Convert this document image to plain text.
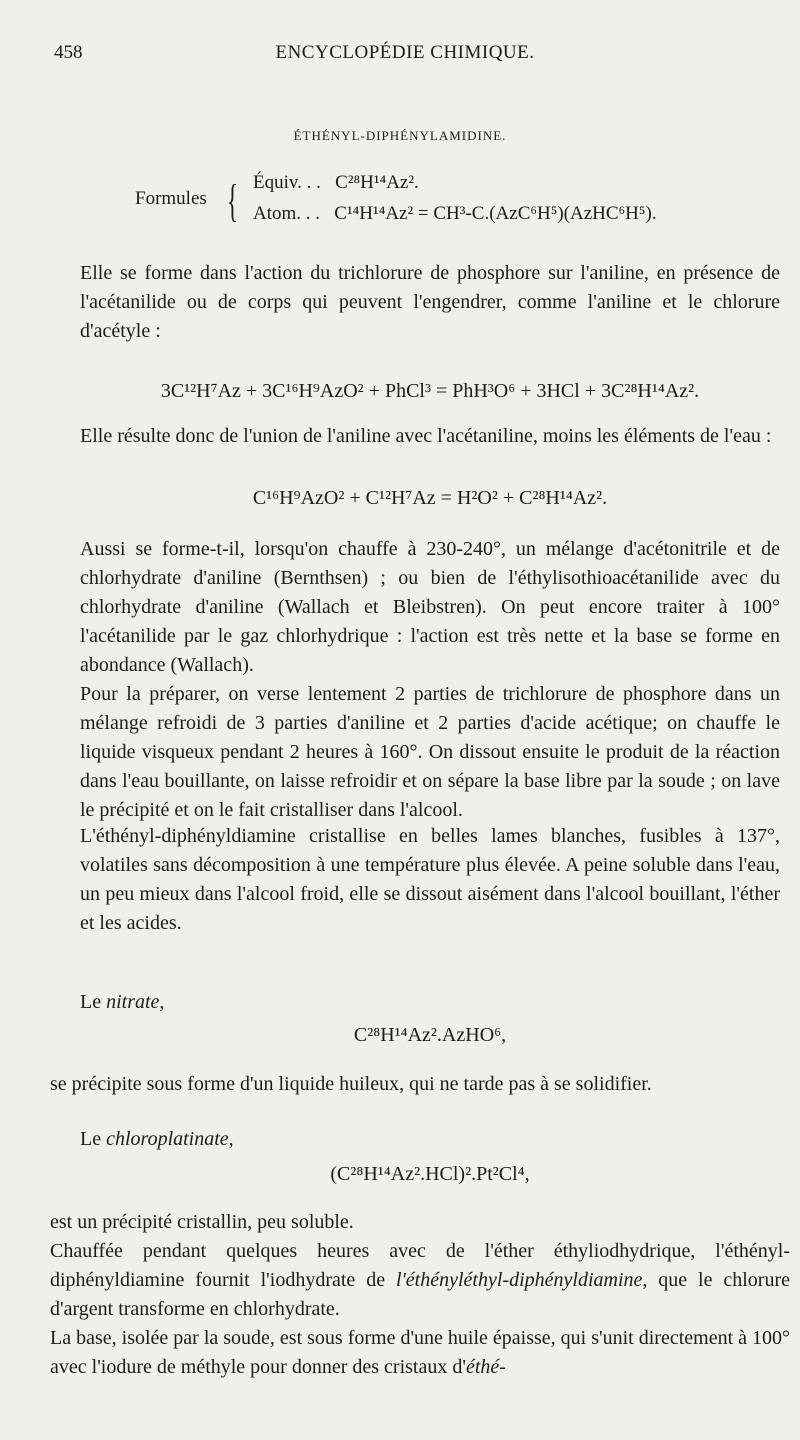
458	ENCYCLOPÉDIE CHIMIQUE.
ÉTHÉNYL-DIPHÉNYLAMIDINE.
Formules { Équiv. . . C²⁸H¹⁴Az².
Atom. . . C¹⁴H¹⁴Az² = CH³-C.(AzC⁶H⁵)(AzHC⁶H⁵).
Elle se forme dans l'action du trichlorure de phosphore sur l'aniline, en présence de l'acétanilide ou de corps qui peuvent l'engendrer, comme l'aniline et le chlorure d'acétyle :
3C¹²H⁷Az + 3C¹⁶H⁹AzO² + PhCl³ = PhH³O⁶ + 3HCl + 3C²⁸H¹⁴Az².
Elle résulte donc de l'union de l'aniline avec l'acétaniline, moins les éléments de l'eau :
C¹⁶H⁹AzO² + C¹²H⁷Az = H²O² + C²⁸H¹⁴Az².
Aussi se forme-t-il, lorsqu'on chauffe à 230-240°, un mélange d'acétonitrile et de chlorhydrate d'aniline (Bernthsen) ; ou bien de l'éthylisothioacétanilide avec du chlorhydrate d'aniline (Wallach et Bleibstren). On peut encore traiter à 100° l'acétanilide par le gaz chlorhydrique : l'action est très nette et la base se forme en abondance (Wallach).
Pour la préparer, on verse lentement 2 parties de trichlorure de phosphore dans un mélange refroidi de 3 parties d'aniline et 2 parties d'acide acétique; on chauffe le liquide visqueux pendant 2 heures à 160°. On dissout ensuite le produit de la réaction dans l'eau bouillante, on laisse refroidir et on sépare la base libre par la soude ; on lave le précipité et on le fait cristalliser dans l'alcool.
L'éthényl-diphényldiamine cristallise en belles lames blanches, fusibles à 137°, volatiles sans décomposition à une température plus élevée. A peine soluble dans l'eau, un peu mieux dans l'alcool froid, elle se dissout aisément dans l'alcool bouillant, l'éther et les acides.
Le nitrate,
C²⁸H¹⁴Az².AzHO⁶,
se précipite sous forme d'un liquide huileux, qui ne tarde pas à se solidifier.
Le chloroplatinate,
(C²⁸H¹⁴Az².HCl)².Pt²Cl⁴,
est un précipité cristallin, peu soluble.
Chauffée pendant quelques heures avec de l'éther éthyliodhydrique, l'éthényl-diphényldiamine fournit l'iodhydrate de l'éthényléthyl-diphényldiamine, que le chlorure d'argent transforme en chlorhydrate.
La base, isolée par la soude, est sous forme d'une huile épaisse, qui s'unit directement à 100° avec l'iodure de méthyle pour donner des cristaux d'éthé-
